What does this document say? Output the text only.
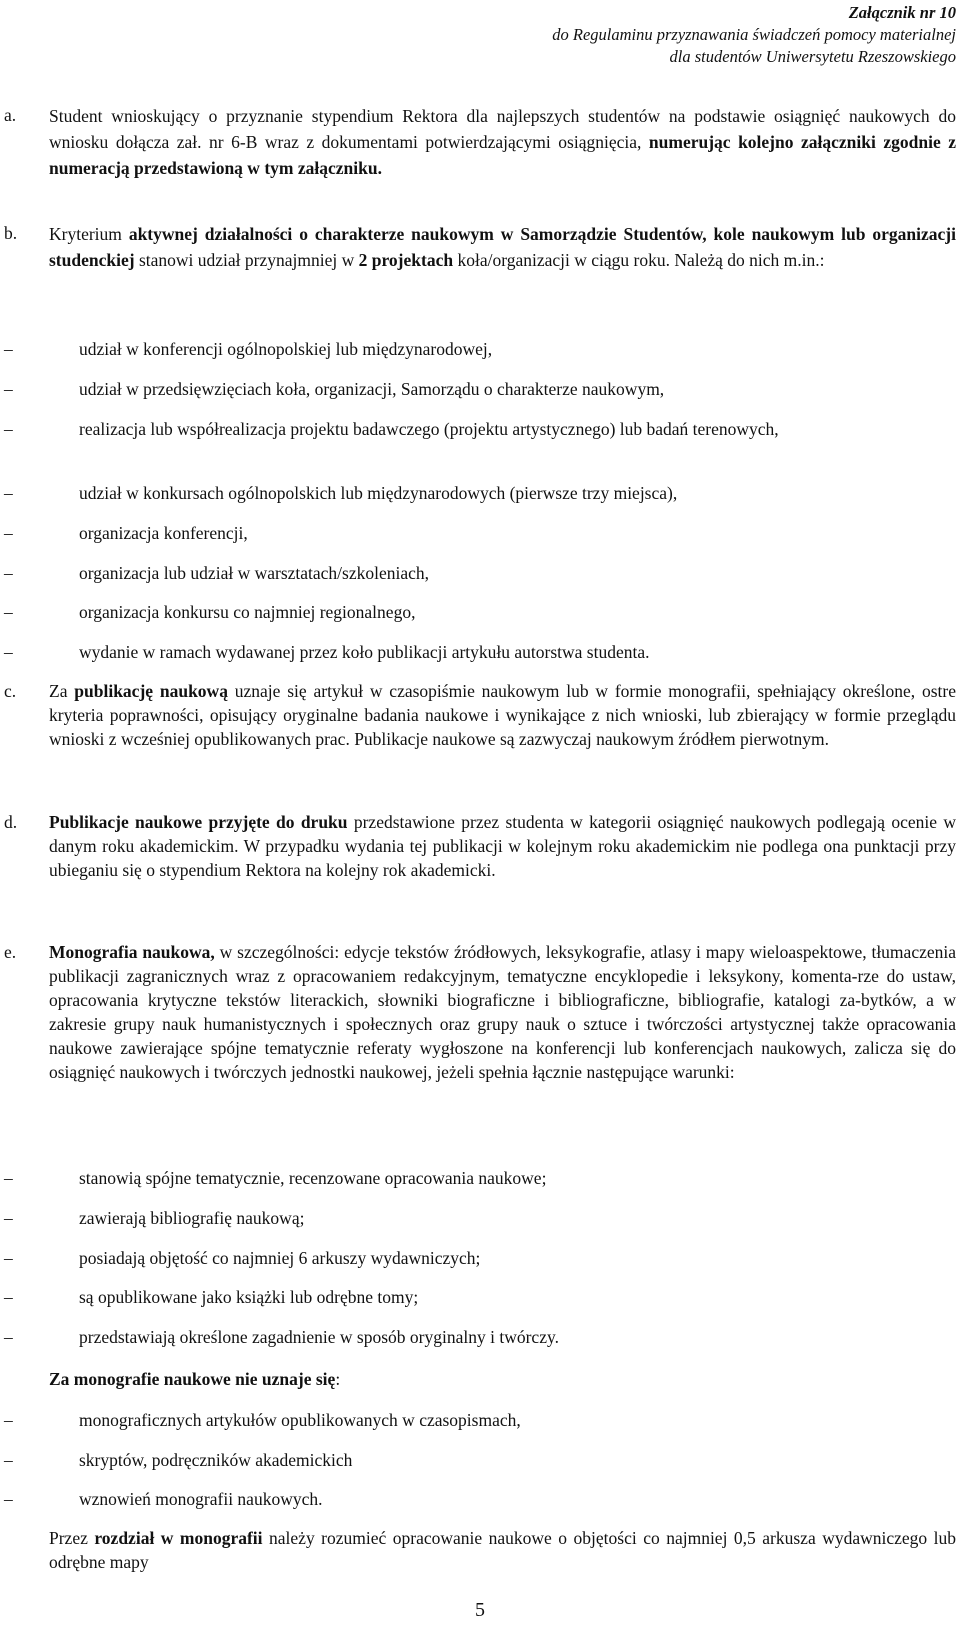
Załącznik nr 10
do Regulaminu przyznawania świadczeń pomocy materialnej
dla studentów Uniwersytetu Rzeszowskiego
a. Student wnioskujący o przyznanie stypendium Rektora dla najlepszych studentów na podstawie osiągnięć naukowych do wniosku dołącza zał. nr 6-B wraz z dokumentami potwierdzającymi osiągnięcia, numerując kolejno załączniki zgodnie z numeracją przedstawioną w tym załączniku.
b. Kryterium aktywnej działalności o charakterze naukowym w Samorządzie Studentów, kole naukowym lub organizacji studenckiej stanowi udział przynajmniej w 2 projektach koła/organizacji w ciągu roku. Należą do nich m.in.:
–	udział w konferencji ogólnopolskiej lub międzynarodowej,
–	udział w przedsięwzięciach koła, organizacji, Samorządu o charakterze naukowym,
–	realizacja lub współrealizacja projektu badawczego (projektu artystycznego) lub badań terenowych,
–	udział w konkursach ogólnopolskich lub międzynarodowych (pierwsze trzy miejsca),
–	organizacja konferencji,
–	organizacja lub udział w warsztatach/szkoleniach,
–	organizacja konkursu co najmniej regionalnego,
–	wydanie w ramach wydawanej przez koło publikacji artykułu autorstwa studenta.
c. Za publikację naukową uznaje się artykuł w czasopiśmie naukowym lub w formie monografii, spełniający określone, ostre kryteria poprawności, opisujący oryginalne badania naukowe i wynikające z nich wnioski, lub zbierający w formie przeglądu wnioski z wcześniej opublikowanych prac. Publikacje naukowe są zazwyczaj naukowym źródłem pierwotnym.
d. Publikacje naukowe przyjęte do druku przedstawione przez studenta w kategorii osiągnięć naukowych podlegają ocenie w danym roku akademickim. W przypadku wydania tej publikacji w kolejnym roku akademickim nie podlega ona punktacji przy ubieganiu się o stypendium Rektora na kolejny rok akademicki.
e. Monografia naukowa, w szczególności: edycje tekstów źródłowych, leksykografie, atlasy i mapy wieloaspektowe, tłumaczenia publikacji zagranicznych wraz z opracowaniem redakcyjnym, tematyczne encyklopedie i leksykony, komenta-rze do ustaw, opracowania krytyczne tekstów literackich, słowniki biograficzne i bibliograficzne, bibliografie, katalogi za-bytków, a w zakresie grupy nauk humanistycznych i społecznych oraz grupy nauk o sztuce i twórczości artystycznej także opracowania naukowe zawierające spójne tematycznie referaty wygłoszone na konferencji lub konferencjach naukowych, zalicza się do osiągnięć naukowych i twórczych jednostki naukowej, jeżeli spełnia łącznie następujące warunki:
–	stanowią spójne tematycznie, recenzowane opracowania naukowe;
–	zawierają bibliografię naukową;
–	posiadają objętość co najmniej 6 arkuszy wydawniczych;
–	są opublikowane jako książki lub odrębne tomy;
–	przedstawiają określone zagadnienie w sposób oryginalny i twórczy.
Za monografie naukowe nie uznaje się:
–	monograficznych artykułów opublikowanych w czasopismach,
–	skryptów, podręczników akademickich
–	wznowień monografii naukowych.
Przez rozdział w monografii należy rozumieć opracowanie naukowe o objętości co najmniej 0,5 arkusza wydawniczego lub odrębne mapy
5
